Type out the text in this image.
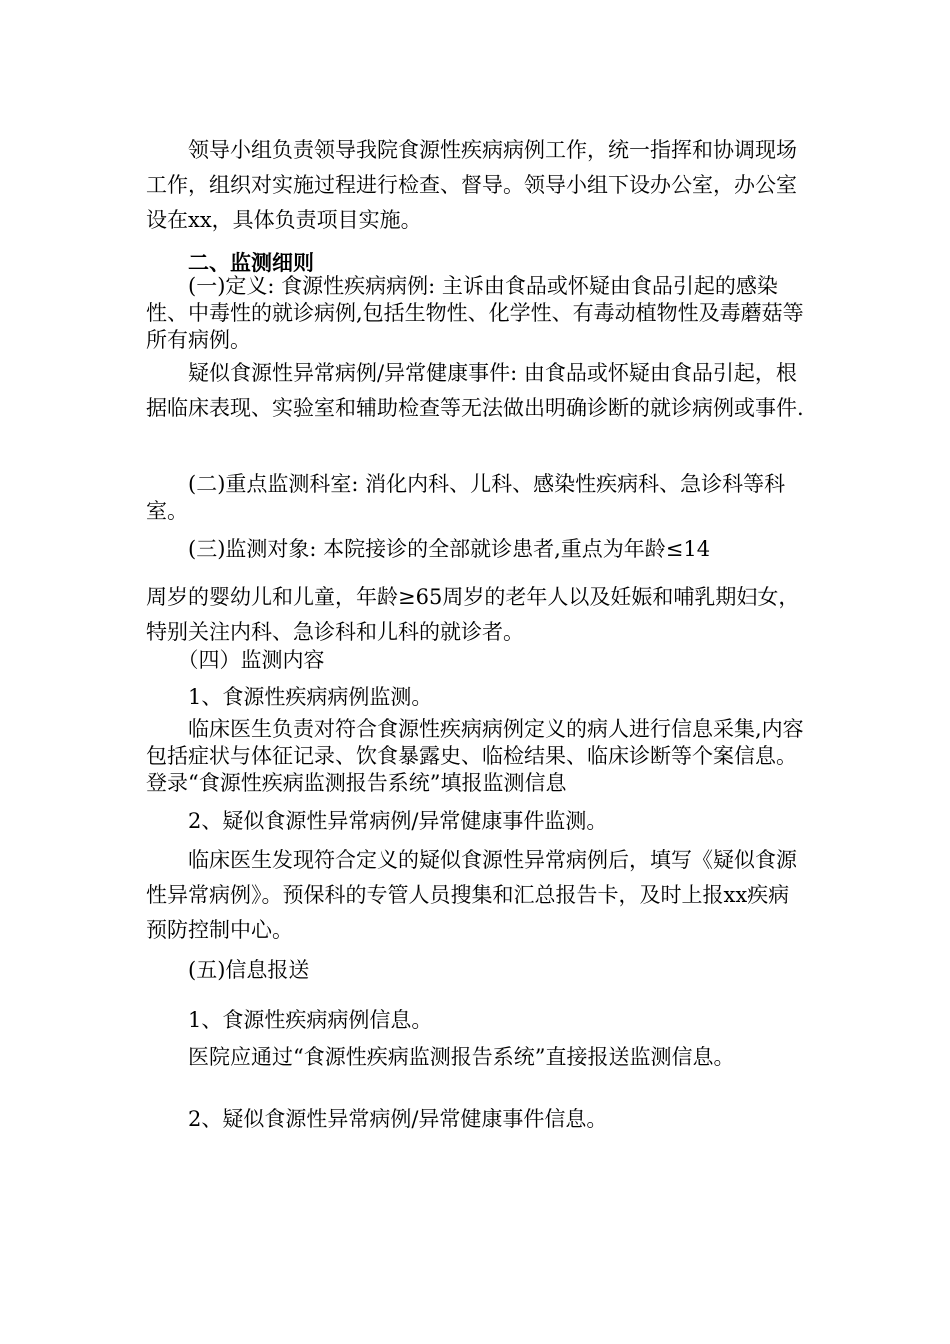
　　领导小组负责领导我院食源性疾病病例工作，统一指挥和协调现场工作，组织对实施过程进行检查、督导。领导小组下设办公室，办公室设在xx，具体负责项目实施。

　　二、监测细则

　　(一)定义: 食源性疾病病例: 主诉由食品或怀疑由食品引起的感染性、中毒性的就诊病例,包括生物性、化学性、有毒动植物性及毒蘑菇等所有病例。

　　疑似食源性异常病例/异常健康事件: 由食品或怀疑由食品引起，根据临床表现、实验室和辅助检查等无法做出明确诊断的就诊病例或事件.

　　(二)重点监测科室: 消化内科、儿科、感染性疾病科、急诊科等科室。

　　(三)监测对象: 本院接诊的全部就诊患者,重点为年龄≤14

周岁的婴幼儿和儿童，年龄≥65周岁的老年人以及妊娠和哺乳期妇女，特别关注内科、急诊科和儿科的就诊者。

　　（四）监测内容

　　1、食源性疾病病例监测。

　　临床医生负责对符合食源性疾病病例定义的病人进行信息采集,内容包括症状与体征记录、饮食暴露史、临检结果、临床诊断等个案信息。登录“食源性疾病监测报告系统”填报监测信息

　　2、疑似食源性异常病例/异常健康事件监测。

　　临床医生发现符合定义的疑似食源性异常病例后，填写《疑似食源性异常病例》。预保科的专管人员搜集和汇总报告卡，及时上报xx疾病预防控制中心。

　　(五)信息报送

　　1、食源性疾病病例信息。

　　医院应通过“食源性疾病监测报告系统”直接报送监测信息。

　　2、疑似食源性异常病例/异常健康事件信息。
